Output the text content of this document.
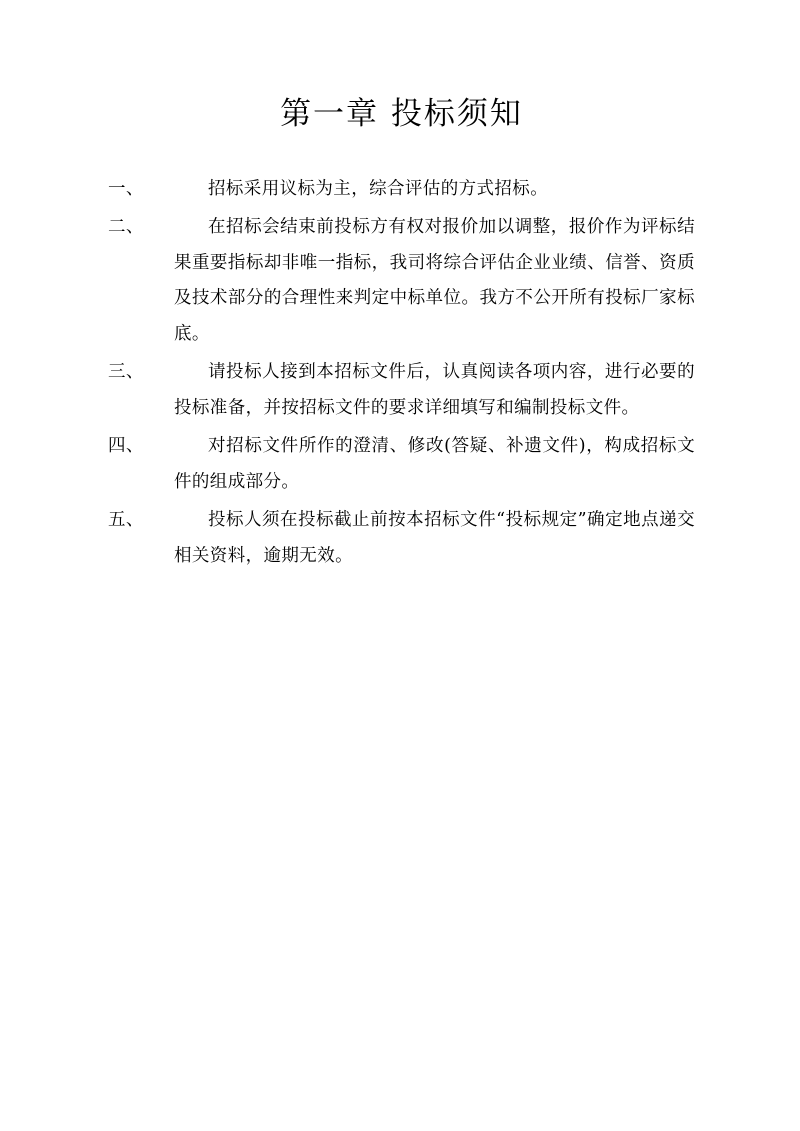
第一章 投标须知
一、	招标采用议标为主，综合评估的方式招标。
二、	在招标会结束前投标方有权对报价加以调整，报价作为评标结果重要指标却非唯一指标，我司将综合评估企业业绩、信誉、资质及技术部分的合理性来判定中标单位。我方不公开所有投标厂家标底。
三、	请投标人接到本招标文件后，认真阅读各项内容，进行必要的投标准备，并按招标文件的要求详细填写和编制投标文件。
四、	对招标文件所作的澄清、修改(答疑、补遗文件)，构成招标文件的组成部分。
五、	投标人须在投标截止前按本招标文件“投标规定”确定地点递交相关资料，逾期无效。
